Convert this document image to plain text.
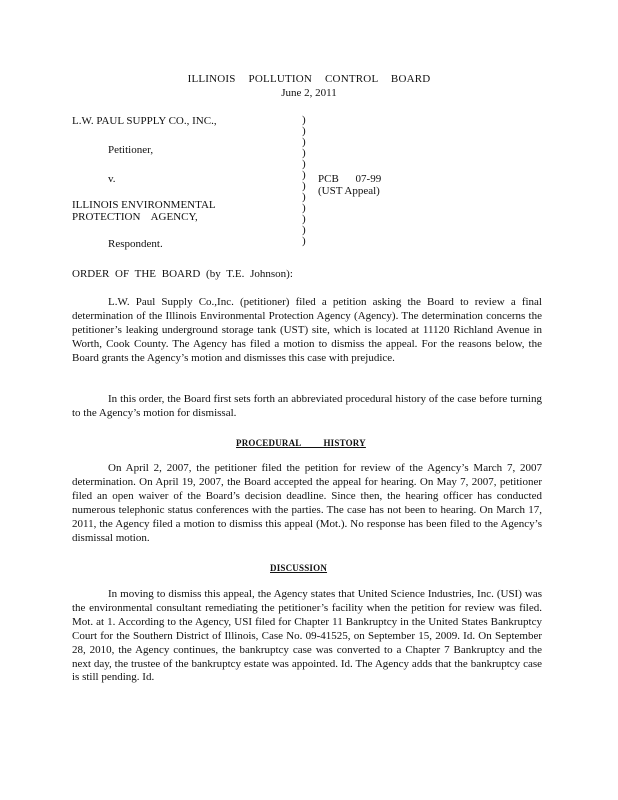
ILLINOIS POLLUTION CONTROL BOARD
June 2, 2011
L.W. PAUL SUPPLY CO., INC.,
Petitioner,
v.
ILLINOIS ENVIRONMENTAL
PROTECTION AGENCY,
Respondent.
)
)
)
)
)
)
)
)
)
)
)
)
PCB 07-99
(UST Appeal)
ORDER OF THE BOARD (by T.E. Johnson):
L.W. Paul Supply Co.,Inc. (petitioner) filed a petition asking the Board to review a final determination of the Illinois Environmental Protection Agency (Agency). The determination concerns the petitioner’s leaking underground storage tank (UST) site, which is located at 11120 Richland Avenue in Worth, Cook County. The Agency has filed a motion to dismiss the appeal. For the reasons below, the Board grants the Agency’s motion and dismisses this case with prejudice.
In this order, the Board first sets forth an abbreviated procedural history of the case before turning to the Agency’s motion for dismissal.
PROCEDURAL HISTORY
On April 2, 2007, the petitioner filed the petition for review of the Agency’s March 7, 2007 determination. On April 19, 2007, the Board accepted the appeal for hearing. On May 7, 2007, petitioner filed an open waiver of the Board’s decision deadline. Since then, the hearing officer has conducted numerous telephonic status conferences with the parties. The case has not been to hearing. On March 17, 2011, the Agency filed a motion to dismiss this appeal (Mot.). No response has been filed to the Agency’s dismissal motion.
DISCUSSION
In moving to dismiss this appeal, the Agency states that United Science Industries, Inc. (USI) was the environmental consultant remediating the petitioner’s facility when the petition for review was filed. Mot. at 1. According to the Agency, USI filed for Chapter 11 Bankruptcy in the United States Bankruptcy Court for the Southern District of Illinois, Case No. 09-41525, on September 15, 2009. Id. On September 28, 2010, the Agency continues, the bankruptcy case was converted to a Chapter 7 Bankruptcy and the next day, the trustee of the bankruptcy estate was appointed. Id. The Agency adds that the bankruptcy case is still pending. Id.
